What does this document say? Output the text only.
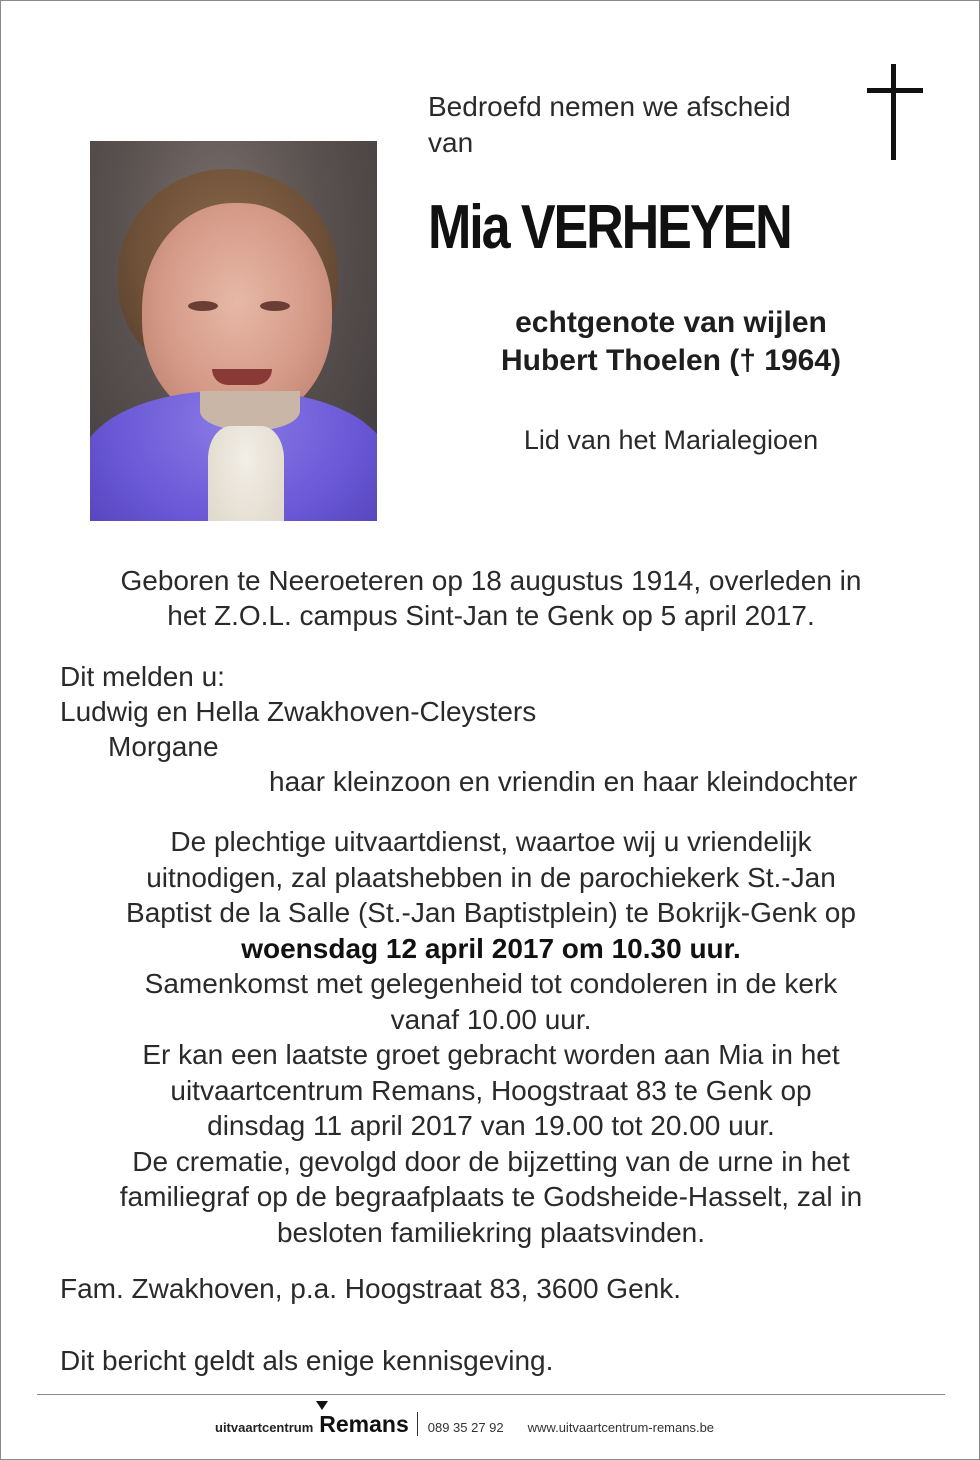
Bedroefd nemen we afscheid
van
Mia VERHEYEN
echtgenote van wijlen
Hubert Thoelen († 1964)
Lid van het Marialegioen
Geboren te Neeroeteren op 18 augustus 1914, overleden in
het Z.O.L. campus Sint-Jan te Genk op 5 april 2017.
Dit melden u:
Ludwig en Hella Zwakhoven-Cleysters
Morgane
haar kleinzoon en vriendin en haar kleindochter
De plechtige uitvaartdienst, waartoe wij u vriendelijk
uitnodigen, zal plaatshebben in de parochiekerk St.-Jan
Baptist de la Salle (St.-Jan Baptistplein) te Bokrijk-Genk op
woensdag 12 april 2017 om 10.30 uur.
Samenkomst met gelegenheid tot condoleren in de kerk
vanaf 10.00 uur.
Er kan een laatste groet gebracht worden aan Mia in het
uitvaartcentrum Remans, Hoogstraat 83 te Genk op
dinsdag 11 april 2017 van 19.00 tot 20.00 uur.
De crematie, gevolgd door de bijzetting van de urne in het
familiegraf op de begraafplaats te Godsheide-Hasselt, zal in
besloten familiekring plaatsvinden.
Fam. Zwakhoven, p.a. Hoogstraat 83, 3600 Genk.
Dit bericht geldt als enige kennisgeving.
uitvaartcentrum Remans 089 35 27 92 www.uitvaartcentrum-remans.be
